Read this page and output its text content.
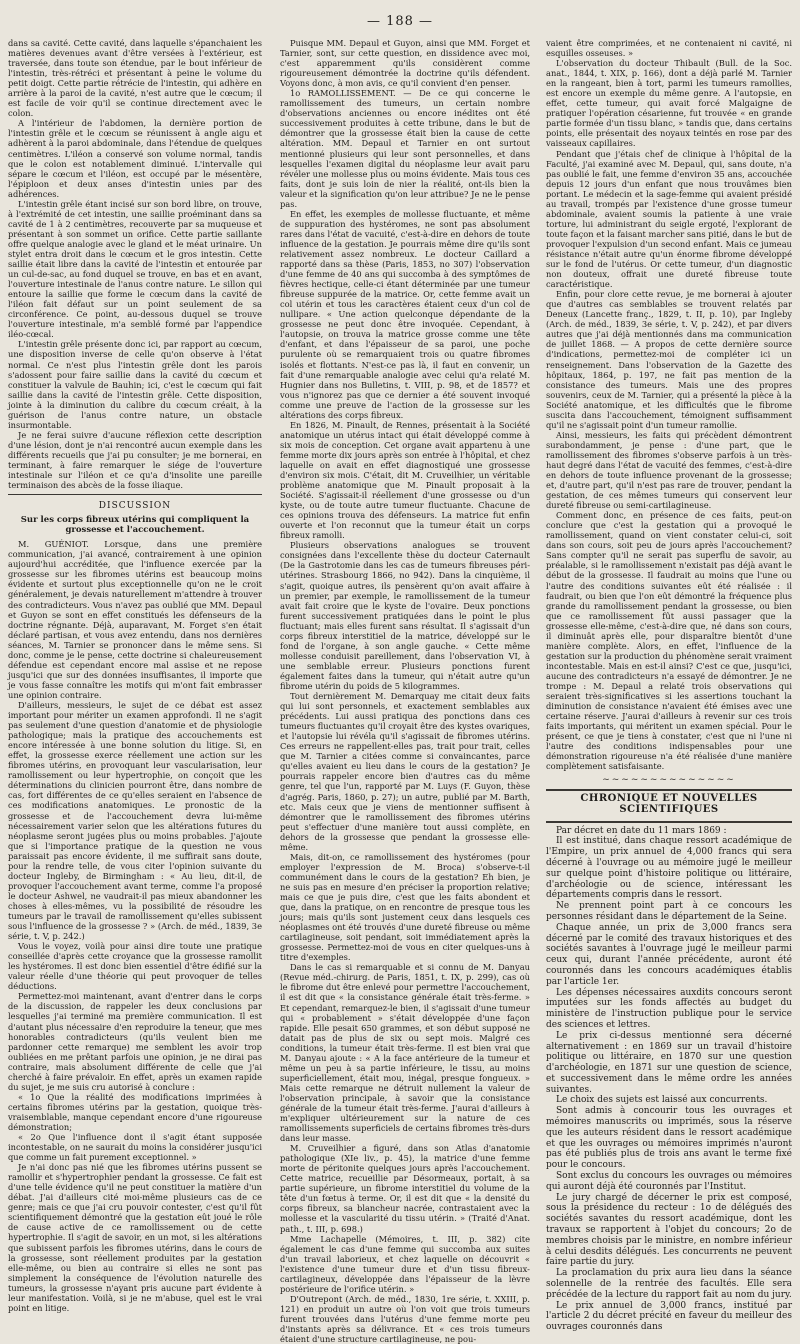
— 188 —

dans sa cavité. Cette cavité, dans laquelle s'épanchaient les matières devenues avant d'être versées à l'extérieur, est traversée, dans toute son étendue, par le bout inférieur de l'intestin, très-rétréci et présentant à peine le volume du petit doigt. Cette partie rétrécie de l'intestin, qui adhère en arrière à la paroi de la cavité, n'est autre que le cœcum; il est facile de voir qu'il se continue directement avec le colon.

A l'intérieur de l'abdomen, la dernière portion de l'intestin grêle et le cœcum se réunissent à angle aigu et adhèrent à la paroi abdominale, dans l'étendue de quelques centimètres. L'iléon a conservé son volume normal, tandis que le colon est notablement diminué. L'intervalle qui sépare le cœcum et l'iléon, est occupé par le mésentère, l'épiploon et deux anses d'intestin unies par des adhérences.

L'intestin grêle étant incisé sur son bord libre, on trouve, à l'extrémité de cet intestin, une saillie proéminant dans sa cavité de 1 à 2 centimètres, recouverte par sa muqueuse et présentant à son sommet un orifice. Cette partie saillante offre quelque analogie avec le gland et le méat urinaire. Un stylet entra droit dans le cœcum et le gros intestin. Cette saillie était libre dans la cavité de l'intestin et entourée par un cul-de-sac, au fond duquel se trouve, en bas et en avant, l'ouverture intestinale de l'anus contre nature. Le sillon qui entoure la saillie que forme le cœcum dans la cavité de l'iléon fait défaut sur un point seulement de sa circonférence. Ce point, au-dessous duquel se trouve l'ouverture intestinale, m'a semblé formé par l'appendice iléo-cœcal.

L'intestin grêle présente donc ici, par rapport au cœcum, une disposition inverse de celle qu'on observe à l'état normal. Ce n'est plus l'intestin grêle dont les parois s'adossent pour faire saillie dans la cavité du cœcum et constituer la valvule de Bauhin; ici, c'est le cœcum qui fait saillie dans la cavité de l'intestin grêle. Cette disposition, jointe à la diminution du calibre du cœcum créait, à la guérison de l'anus contre nature, un obstacle insurmontable.

Je ne ferai suivre d'aucune réflexion cette description d'une lésion, dont je n'ai rencontré aucun exemple dans les différents recueils que j'ai pu consulter; je me bornerai, en terminant, à faire remarquer le siége de l'ouverture intestinale sur l'iléon et ce qu'a d'insolite une pareille terminaison des abcès de la fosse iliaque.

DISCUSSION
Sur les corps fibreux utérins qui compliquent la grossesse et l'accouchement.

M. GUÉNIOT. Lorsque, dans une première communication, j'ai avancé, contrairement à une opinion aujourd'hui accréditée, que l'influence exercée par la grossesse sur les fibromes utérins est beaucoup moins évidente et surtout plus exceptionnelle qu'on ne le croit généralement, je devais naturellement m'attendre à trouver des contradicteurs. Vous n'avez pas oublié que MM. Depaul et Guyon se sont en effet constitués les défenseurs de la doctrine régnante. Déjà, auparavant, M. Forget s'en était déclaré partisan, et vous avez entendu, dans nos dernières séances, M. Tarnier se prononcer dans le même sens. Si donc, comme je le pense, cette doctrine si chaleureusement défendue est cependant encore mal assise et ne repose jusqu'ici que sur des données insuffisantes, il importe que je vous fasse connaître les motifs qui m'ont fait embrasser une opinion contraire.

D'ailleurs, messieurs, le sujet de ce débat est assez important pour mériter un examen approfondi. Il ne s'agit pas seulement d'une question d'anatomie et de physiologie pathologique; mais la pratique des accouchements est encore intéressée à une bonne solution du litige. Si, en effet, la grossesse exerce réellement une action sur les fibromes utérins, en provoquant leur vascularisation, leur ramollissement ou leur hypertrophie, on conçoit que les déterminations du clinicien pourront être, dans nombre de cas, fort différentes de ce qu'elles seraient en l'absence de ces modifications anatomiques. Le pronostic de la grossesse et de l'accouchement devra lui-même nécessairement varier selon que les altérations futures du néoplasme seront jugées plus ou moins probables. J'ajoute que si l'importance pratique de la question ne vous paraissait pas encore évidente, il me suffirait sans doute, pour la rendre telle, de vous citer l'opinion suivante du docteur Ingleby, de Birmingham : « Au lieu, dit-il, de provoquer l'accouchement avant terme, comme l'a proposé le docteur Ashwel, ne vaudrait-il pas mieux abandonner les choses à elles-mêmes, vu la possibilité de résoudre les tumeurs par le travail de ramollissement qu'elles subissent sous l'influence de la grossesse ? » (Arch. de méd., 1839, 3e série, t. V, p. 242.)

Vous le voyez, voilà pour ainsi dire toute une pratique conseillée d'après cette croyance que la grossesse ramollit les hystéromes. Il est donc bien essentiel d'être édifié sur la valeur réelle d'une théorie qui peut provoquer de telles déductions.

Permettez-moi maintenant, avant d'entrer dans le corps de la discussion, de rappeler les deux conclusions par lesquelles j'ai terminé ma première communication. Il est d'autant plus nécessaire d'en reproduire la teneur, que mes honorables contradicteurs (qu'ils veulent bien me pardonner cette remarque) me semblent les avoir trop oubliées en me prêtant parfois une opinion, je ne dirai pas contraire, mais absolument différente de celle que j'ai cherché à faire prévaloir. En effet, après un examen rapide du sujet, je me suis cru autorisé à conclure :

« 1o Que la réalité des modifications imprimées à certains fibromes utérins par la gestation, quoique très-vraisemblable, manque cependant encore d'une rigoureuse démonstration;

« 2o Que l'influence dont il s'agit étant supposée incontestable, on ne saurait du moins la considérer jusqu'ici que comme un fait purement exceptionnel. »

Je n'ai donc pas nié que les fibromes utérins pussent se ramollir et s'hypertrophier pendant la grossesse. Ce fait est d'une telle évidence qu'il ne peut constituer la matière d'un débat. J'ai d'ailleurs cité moi-même plusieurs cas de ce genre; mais ce que j'ai cru pouvoir contester, c'est qu'il fût scientifiquement démontré que la gestation eût joué le rôle de cause active de ce ramollissement ou de cette hypertrophie. Il s'agit de savoir, en un mot, si les altérations que subissent parfois les fibromes utérins, dans le cours de la grossesse, sont réellement produites par la gestation elle-même, ou bien au contraire si elles ne sont pas simplement la conséquence de l'évolution naturelle des tumeurs, la grossesse n'ayant pris aucune part évidente à leur manifestation. Voilà, si je ne m'abuse, quel est le vrai point en litige.

Puisque MM. Depaul et Guyon, ainsi que MM. Forget et Tarnier, sont, sur cette question, en dissidence avec moi, c'est apparemment qu'ils considèrent comme rigoureusement démontrée la doctrine qu'ils défendent. Voyons donc, à mon avis, ce qu'il convient d'en penser.

1o RAMOLLISSEMENT. — De ce qui concerne le ramollissement des tumeurs, un certain nombre d'observations anciennes ou encore inédites ont été successivement produites à cette tribune, dans le but de démontrer que la grossesse était bien la cause de cette altération. MM. Depaul et Tarnier en ont surtout mentionné plusieurs qui leur sont personnelles, et dans lesquelles l'examen digital du néoplasme leur avait paru révéler une mollesse plus ou moins évidente. Mais tous ces faits, dont je suis loin de nier la réalité, ont-ils bien la valeur et la signification qu'on leur attribue? Je ne le pense pas.

En effet, les exemples de mollesse fluctuante, et même de suppuration des hystéromes, ne sont pas absolument rares dans l'état de vacuité, c'est-à-dire en dehors de toute influence de la gestation. Je pourrais même dire qu'ils sont relativement assez nombreux. Le docteur Caillard a rapporté dans sa thèse (Paris, 1853, no 307) l'observation d'une femme de 40 ans qui succomba à des symptômes de fièvres hectique, celle-ci étant déterminée par une tumeur fibreuse suppurée de la matrice. Or, cette femme avait un col utérin et tous les caractères étaient ceux d'un col de nullipare. « Une action quelconque dépendante de la grossesse ne peut donc être invoquée. Cependant, à l'autopsie, on trouva la matrice grosse comme une tête d'enfant, et dans l'épaisseur de sa paroi, une poche purulente où se remarquaient trois ou quatre fibromes isolés et flottants. N'est-ce pas là, il faut en convenir, un fait d'une remarquable analogie avec celui qu'a relaté M. Hugnier dans nos Bulletins, t. VIII, p. 98, et de 1857? et vous n'ignorez pas que ce dernier a été souvent invoqué comme une preuve de l'action de la grossesse sur les altérations des corps fibreux.

En 1826, M. Pinault, de Rennes, présentait à la Société anatomique un utérus intact qui était développé comme à six mois de conception. Cet organe avait appartenu à une femme morte dix jours après son entrée à l'hôpital, et chez laquelle on avait en effet diagnostiqué une grossesse d'environ six mois. C'était, dit M. Cruveilhier, un véritable problème anatomique que M. Pinault proposait à la Société. S'agissait-il réellement d'une grossesse ou d'un kyste, ou de toute autre tumeur fluctuante. Chacune de ces opinions trouva des défenseurs. La matrice fut enfin ouverte et l'on reconnut que la tumeur était un corps fibreux ramolli.

Plusieurs observations analogues se trouvent consignées dans l'excellente thèse du docteur Caternault (De la Gastrotomie dans les cas de tumeurs fibreuses péri-utérines. Strasbourg 1866, no 942). Dans la cinquième, il s'agit, quoique autres, ils pensèrent qu'on avait affaire à un premier, par exemple, le ramollissement de la tumeur avait fait croire que le kyste de l'ovaire. Deux ponctions furent successivement pratiquées dans le point le plus fluctuant; mais elles furent sans résultat. Il s'agissait d'un corps fibreux interstitiel de la matrice, développé sur le fond de l'organe, à son angle gauche. « Cette même mollesse conduisit pareillement, dans l'observation VI, à une semblable erreur. Plusieurs ponctions furent également faites dans la tumeur, qui n'était autre qu'un fibrome utérin du poids de 5 kilogrammes.

Tout dernièrement M. Demarquay me citait deux faits qui lui sont personnels, et exactement semblables aux précédents. Lui aussi pratiqua des ponctions dans ces tumeurs fluctuantes qu'il croyait être des kystes ovariques, et l'autopsie lui révéla qu'il s'agissait de fibromes utérins. Ces erreurs ne rappellent-elles pas, trait pour trait, celles que M. Tarnier a citées comme si convaincantes, parce qu'elles avaient eu lieu dans le cours de la gestation? Je pourrais rappeler encore bien d'autres cas du même genre, tel que l'un, rapporté par M. Luys (F. Guyon, thèse d'agrég. Paris, 1860, p. 27); un autre, publié par M. Barth, etc. Mais ceux que je viens de mentionner suffisent à démontrer que le ramollissement des fibromes utérins peut s'effectuer d'une manière tout aussi complète, en dehors de la grossesse que pendant la grossesse elle-même.

Mais, dit-on, ce ramollissement des hystéromes (pour employer l'expression de M. Broca) s'observe-t-il communément dans le cours de la gestation? Eh bien, je ne suis pas en mesure d'en préciser la proportion relative; mais ce que je puis dire, c'est que les faits abondent et que, dans la pratique, on en rencontre de presque tous les jours; mais qu'ils sont justement ceux dans lesquels ces néoplasmes ont été trouvés d'une dureté fibreuse ou même cartilagineuse, soit pendant, soit immédiatement après la grossesse. Permettez-moi de vous en citer quelques-uns à titre d'exemples.

Dans le cas si remarquable et si connu de M. Danyau (Revue méd.-chirurg. de Paris, 1851, t. IX, p. 299), cas où le fibrome dut être enlevé pour permettre l'accouchement, il est dit que « la consistance générale était très-ferme. » Et cependant, remarquez-le bien, il s'agissait d'une tumeur qui « probablement » s'était développée d'une façon rapide. Elle pesait 650 grammes, et son début supposé ne datait pas de plus de six ou sept mois. Malgré ces conditions, la tumeur était très-ferme. Il est bien vrai que M. Danyau ajoute : « A la face antérieure de la tumeur et même un peu à sa partie inférieure, le tissu, au moins superficiellement, était mou, inégal, presque fongueux. » Mais cette remarque ne détruit nullement la valeur de l'observation principale, à savoir que la consistance générale de la tumeur était très-ferme. J'aurai d'ailleurs à m'expliquer ultérieurement sur la nature de ces ramollissements superficiels de certains fibromes très-durs dans leur masse.

M. Cruveilhier a figuré, dans son Atlas d'anatomie pathologique (XIe liv., p. 45), la matrice d'une femme morte de péritonite quelques jours après l'accouchement. Cette matrice, recueillie par Désormeaux, portait, à sa partie supérieure, un fibrome interstitiel du volume de la tête d'un fœtus à terme. Or, il est dit que « la densité du corps fibreux, sa blancheur nacrée, contrastaient avec la mollesse et la vascularité du tissu utérin. » (Traité d'Anat. path., t. III, p. 698.)

Mme Lachapelle (Mémoires, t. III, p. 382) cite également le cas d'une femme qui succomba aux suites d'un travail laborieux, et chez laquelle on découvrit « l'existence d'une tumeur dure et d'un tissu fibreux-cartilagineux, développée dans l'épaisseur de la lèvre postérieure de l'orifice utérin. »

D'Outrepont (Arch. de méd., 1830, 1re série, t. XXIII, p. 121) en produit un autre où l'on voit que trois tumeurs furent trouvées dans l'utérus d'une femme morte peu d'instants après sa délivrance. Et « ces trois tumeurs étaient d'une structure cartilagineuse, ne pou-

vaient être comprimées, et ne contenaient ni cavité, ni esquilles osseuses. »

L'observation du docteur Thibault (Bull. de la Soc. anat., 1844, t. XIX, p. 166), dont a déjà parlé M. Tarnier en la rangeant, bien à tort, parmi les tumeurs ramollies, est encore un exemple du même genre. A l'autopsie, en effet, cette tumeur, qui avait forcé Malgaigne de pratiquer l'opération césarienne, fut trouvée « en grande partie formée d'un tissu blanc, » tandis que, dans certains points, elle présentait des noyaux teintés en rose par des vaisseaux capillaires.

Pendant que j'étais chef de clinique à l'hôpital de la Faculté, j'ai examiné avec M. Depaul, qui, sans doute, n'a pas oublié le fait, une femme d'environ 35 ans, accouchée depuis 12 jours d'un enfant que nous trouvâmes bien portant. Le médecin et la sage-femme qui avaient présidé au travail, trompés par l'existence d'une grosse tumeur abdominale, avaient soumis la patiente à une vraie torture, lui administrant du seigle ergoté, l'explorant de toute façon et la faisant marcher sans pitié, dans le but de provoquer l'expulsion d'un second enfant. Mais ce jumeau résistance n'était autre qu'un énorme fibrome développé sur le fond de l'utérus. Or cette tumeur, d'un diagnostic non douteux, offrait une dureté fibreuse toute caractéristique.

Enfin, pour clore cette revue, je me bornerai à ajouter que d'autres cas semblables se trouvent relatés par Deneux (Lancette franç., 1829, t. II, p. 10), par Ingleby (Arch. de méd., 1839, 3e série, t. V, p. 242), et par divers autres que j'ai déjà mentionnés dans ma communication de juillet 1868. — A propos de cette dernière source d'indications, permettez-moi de compléter ici un renseignement. Dans l'observation de la Gazette des hôpitaux, 1864, p. 197, ne fait pas mention de la consistance des tumeurs. Mais une des propres souvenirs, ceux de M. Tarnier, qui a présenté la pièce à la Société anatomique, et les difficultés que le fibrome suscita dans l'accouchement, témoignent suffisamment qu'il ne s'agissait point d'un tumeur ramollie.

Ainsi, messieurs, les faits qui précèdent démontrent surabondamment, je pense : d'une part, que le ramollissement des fibromes s'observe parfois à un très-haut degré dans l'état de vacuité des femmes, c'est-à-dire en dehors de toute influence provenant de la grossesse; et, d'autre part, qu'il n'est pas rare de trouver, pendant la gestation, de ces mêmes tumeurs qui conservent leur dureté fibreuse ou semi-cartilagineuse.

Comment donc, en présence de ces faits, peut-on conclure que c'est la gestation qui a provoqué le ramollissement, quand on vient constater celui-ci, soit dans son cours, soit peu de jours après l'accouchement? Sans compter qu'il ne serait pas superflu de savoir, au préalable, si le ramollissement n'existait pas déjà avant le début de la grossesse. Il faudrait au moins que l'une ou l'autre des conditions suivantes eût été réalisée : il faudrait, ou bien que l'on eût démontré la fréquence plus grande du ramollissement pendant la grossesse, ou bien que ce ramollissement fût aussi passager que la grossesse elle-même, c'est-à-dire que, né dans son cours, il diminuât après elle, pour disparaître bientôt d'une manière complète. Alors, en effet, l'influence de la gestation sur la production du phénomène serait vraiment incontestable. Mais en est-il ainsi? C'est ce que, jusqu'ici, aucune des contradicteurs n'a essayé de démontrer. Je ne trompe : M. Depaul a relaté trois observations qui seraient très-significatives si les assertions touchant la diminution de consistance n'avaient été émises avec une certaine réserve. J'aurai d'ailleurs à revenir sur ces trois faits importants, qui méritent un examen spécial. Pour le présent, ce que je tiens à constater, c'est que ni l'une ni l'autre des conditions indispensables pour une démonstration rigoureuse n'a été réalisée d'une manière complètement satisfaisante.

~~~~~~~~~~~~~~
CHRONIQUE ET NOUVELLES SCIENTIFIQUES

Par décret en date du 11 mars 1869 :

Il est institué, dans chaque ressort académique de l'Empire, un prix annuel de 4,000 francs qui sera décerné à l'ouvrage ou au mémoire jugé le meilleur sur quelque point d'histoire politique ou littéraire, d'archéologie ou de science, intéressant les départements compris dans le ressort.

Ne prennent point part à ce concours les personnes résidant dans le département de la Seine.

Chaque année, un prix de 3,000 francs sera décerné par le comité des travaux historiques et des sociétés savantes à l'ouvrage jugé le meilleur parmi ceux qui, durant l'année précédente, auront été couronnés dans les concours académiques établis par l'article 1er.

Les dépenses nécessaires auxdits concours seront imputées sur les fonds affectés au budget du ministère de l'instruction publique pour le service des sciences et lettres.

Le prix ci-dessus mentionné sera décerné alternativement : en 1869 sur un travail d'histoire politique ou littéraire, en 1870 sur une question d'archéologie, en 1871 sur une question de science, et successivement dans le même ordre les années suivantes.

Le choix des sujets est laissé aux concurrents.

Sont admis à concourir tous les ouvrages et mémoires manuscrits ou imprimés, sous la réserve que les auteurs résident dans le ressort académique et que les ouvrages ou mémoires imprimés n'auront pas été publiés plus de trois ans avant le terme fixé pour le concours.

Sont exclus du concours les ouvrages ou mémoires qui auront déjà été couronnés par l'Institut.

Le jury chargé de décerner le prix est composé, sous la présidence du recteur : 1o de délégués des sociétés savantes du ressort académique, dont les travaux se rapportent à l'objet du concours; 2o de membres choisis par le ministre, en nombre inférieur à celui desdits délégués. Les concurrents ne peuvent faire partie du jury.

La proclamation du prix aura lieu dans la séance solennelle de la rentrée des facultés. Elle sera précédée de la lecture du rapport fait au nom du jury.

Le prix annuel de 3,000 francs, institué par l'article 2 du décret précité en faveur du meilleur des ouvrages couronnés dans
